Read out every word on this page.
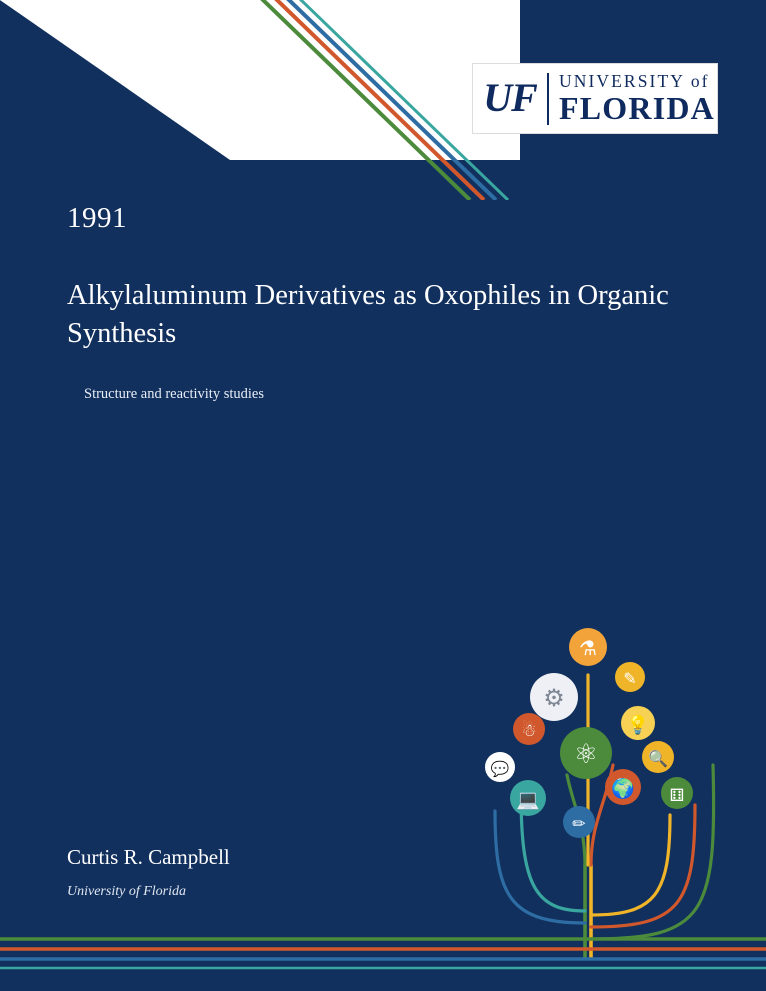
UF	UNIVERSITY of
FLORIDA
1991
Alkylaluminum Derivatives as Oxophiles in Organic Synthesis
Structure and reactivity studies
Curtis R. Campbell
University of Florida
⚗
✎
⚙
💡
☃
⚛	🔍
💬
🌍 ⚅
💻
✏
